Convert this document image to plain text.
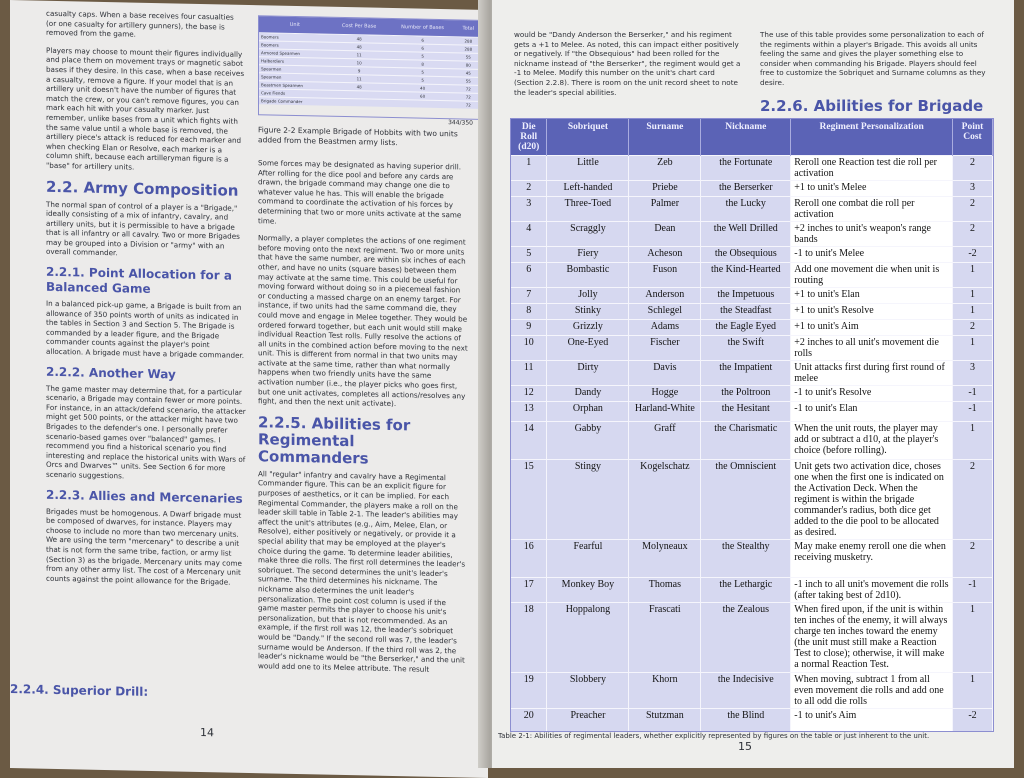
casualty caps. When a base receives four casualties (or one casualty for artillery gunners), the base is removed from the game.

Players may choose to mount their figures individually and place them on movement trays or magnetic sabot bases if they desire. In this case, when a base receives a casualty, remove a figure. If your model that is an artillery unit doesn't have the number of figures that match the crew, or you can't remove figures, you can mark each hit with your casualty marker. Just remember, unlike bases from a unit which fights with the same value until a whole base is removed, the artillery piece's attack is reduced for each marker and when checking Elan or Resolve, each marker is a column shift, because each artilleryman figure is a "base" for artillery units.

2.2. Army Composition

The normal span of control of a player is a "Brigade," ideally consisting of a mix of infantry, cavalry, and artillery units, but it is permissible to have a brigade that is all infantry or all cavalry. Two or more Brigades may be grouped into a Division or "army" with an overall commander.

2.2.1. Point Allocation for a Balanced Game

In a balanced pick-up game, a Brigade is built from an allowance of 350 points worth of units as indicated in the tables in Section 3 and Section 5. The Brigade is commanded by a leader figure, and the Brigade commander counts against the player's point allocation. A brigade must have a brigade commander.

2.2.2. Another Way

The game master may determine that, for a particular scenario, a Brigade may contain fewer or more points. For instance, in an attack/defend scenario, the attacker might get 500 points, or the attacker might have two Brigades to the defender's one. I personally prefer scenario-based games over "balanced" games. I recommend you find a historical scenario you find interesting and replace the historical units with Wars of Orcs and Dwarves™ units. See Section 6 for more scenario suggestions.

2.2.3. Allies and Mercenaries

Brigades must be homogenous. A Dwarf brigade must be composed of dwarves, for instance. Players may choose to include no more than two mercenary units. We are using the term "mercenary" to describe a unit that is not form the same tribe, faction, or army list (Section 3) as the brigade. Mercenary units may come from any other army list. The cost of a Mercenary unit counts against the point allowance for the Brigade.

2.2.4. Superior Drill:
Unit	Cost Per Base	Number of Bases	Total
Boomers	48	6	288
Boomers	48	6	288
Armored Spearmen	11	5	55
Halberdiers	10	8	80
Spearmen	9	5	45
Spearmen	11	5	55
Beastmen Spearmen	48	40	72
Cave Fiends		60	72
Brigade Commander			72
344/350

Figure 2-2 Example Brigade of Hobbits with two units added from the Beastmen army lists.

Some forces may be designated as having superior drill. After rolling for the dice pool and before any cards are drawn, the brigade command may change one die to whatever value he has. This will enable the brigade command to coordinate the activation of his forces by determining that two or more units activate at the same time.

Normally, a player completes the actions of one regiment before moving onto the next regiment. Two or more units that have the same number, are within six inches of each other, and have no units (square bases) between them may activate at the same time. This could be useful for moving forward without doing so in a piecemeal fashion or conducting a massed charge on an enemy target. For instance, if two units had the same command die, they could move and engage in Melee together. They would be ordered forward together, but each unit would still make individual Reaction Test rolls. Fully resolve the actions of all units in the combined action before moving to the next unit. This is different from normal in that two units may activate at the same time, rather than what normally happens when two friendly units have the same activation number (i.e., the player picks who goes first, but one unit activates, completes all actions/resolves any fight, and then the next unit activate).

2.2.5. Abilities for Regimental Commanders

All "regular" infantry and cavalry have a Regimental Commander figure. This can be an explicit figure for purposes of aesthetics, or it can be implied. For each Regimental Commander, the players make a roll on the leader skill table in Table 2-1. The leader's abilities may affect the unit's attributes (e.g., Aim, Melee, Elan, or Resolve), either positively or negatively, or provide it a special ability that may be employed at the player's choice during the game. To determine leader abilities, make three die rolls. The first roll determines the leader's sobriquet. The second determines the unit's leader's surname. The third determines his nickname. The nickname also determines the unit leader's personalization. The point cost column is used if the game master permits the player to choose his unit's personalization, but that is not recommended. As an example, if the first roll was 12, the leader's sobriquet would be "Dandy." If the second roll was 7, the leader's surname would be Anderson. If the third roll was 2, the leader's nickname would be "the Berserker," and the unit would add one to its Melee attribute. The result

14

would be "Dandy Anderson the Berserker," and his regiment gets a +1 to Melee. As noted, this can impact either positively or negatively. If "the Obsequious" had been rolled for the nickname instead of "the Berserker", the regiment would get a -1 to Melee. Modify this number on the unit's chart card (Section 2.2.8). There is room on the unit record sheet to note the leader's special abilities.

The use of this table provides some personalization to each of the regiments within a player's Brigade. This avoids all units feeling the same and gives the player something else to consider when commanding his Brigade. Players should feel free to customize the Sobriquet and Surname columns as they desire.

2.2.6. Abilities for Brigade
Die Roll (d20)	Sobriquet	Surname	Nickname	Regiment Personalization	Point Cost
1	Little	Zeb	the Fortunate	Reroll one Reaction test die roll per activation	2
2	Left-handed	Priebe	the Berserker	+1 to unit's Melee	3
3	Three-Toed	Palmer	the Lucky	Reroll one combat die roll per activation	2
4	Scraggly	Dean	the Well Drilled	+2 inches to unit's weapon's range bands	2
5	Fiery	Acheson	the Obsequious	-1 to unit's Melee	-2
6	Bombastic	Fuson	the Kind-Hearted	Add one movement die when unit is routing	1
7	Jolly	Anderson	the Impetuous	+1 to unit's Elan	1
8	Stinky	Schlegel	the Steadfast	+1 to unit's Resolve	1
9	Grizzly	Adams	the Eagle Eyed	+1 to unit's Aim	2
10	One-Eyed	Fischer	the Swift	+2 inches to all unit's movement die rolls	1
11	Dirty	Davis	the Impatient	Unit attacks first during first round of melee	3
12	Dandy	Hogge	the Poltroon	-1 to unit's Resolve	-1
13	Orphan	Harland-White	the Hesitant	-1 to unit's Elan	-1
14	Gabby	Graff	the Charismatic	When the unit routs, the player may add or subtract a d10, at the player's choice (before rolling).	1
15	Stingy	Kogelschatz	the Omniscient	Unit gets two activation dice, choses one when the first one is indicated on the Activation Deck. When the regiment is within the brigade commander's radius, both dice get added to the die pool to be allocated as desired.	2
16	Fearful	Molyneaux	the Stealthy	May make enemy reroll one die when receiving musketry.	2
17	Monkey Boy	Thomas	the Lethargic	-1 inch to all unit's movement die rolls (after taking best of 2d10).	-1
18	Hoppalong	Frascati	the Zealous	When fired upon, if the unit is within ten inches of the enemy, it will always charge ten inches toward the enemy (the unit must still make a Reaction Test to close); otherwise, it will make a normal Reaction Test.	1
19	Slobbery	Khorn	the Indecisive	When moving, subtract 1 from all even movement die rolls and add one to all odd die rolls	1
20	Preacher	Stutzman	the Blind	-1 to unit's Aim	-2
Table 2-1: Abilities of regimental leaders, whether explicitly represented by figures on the table or just inherent to the unit.
15
